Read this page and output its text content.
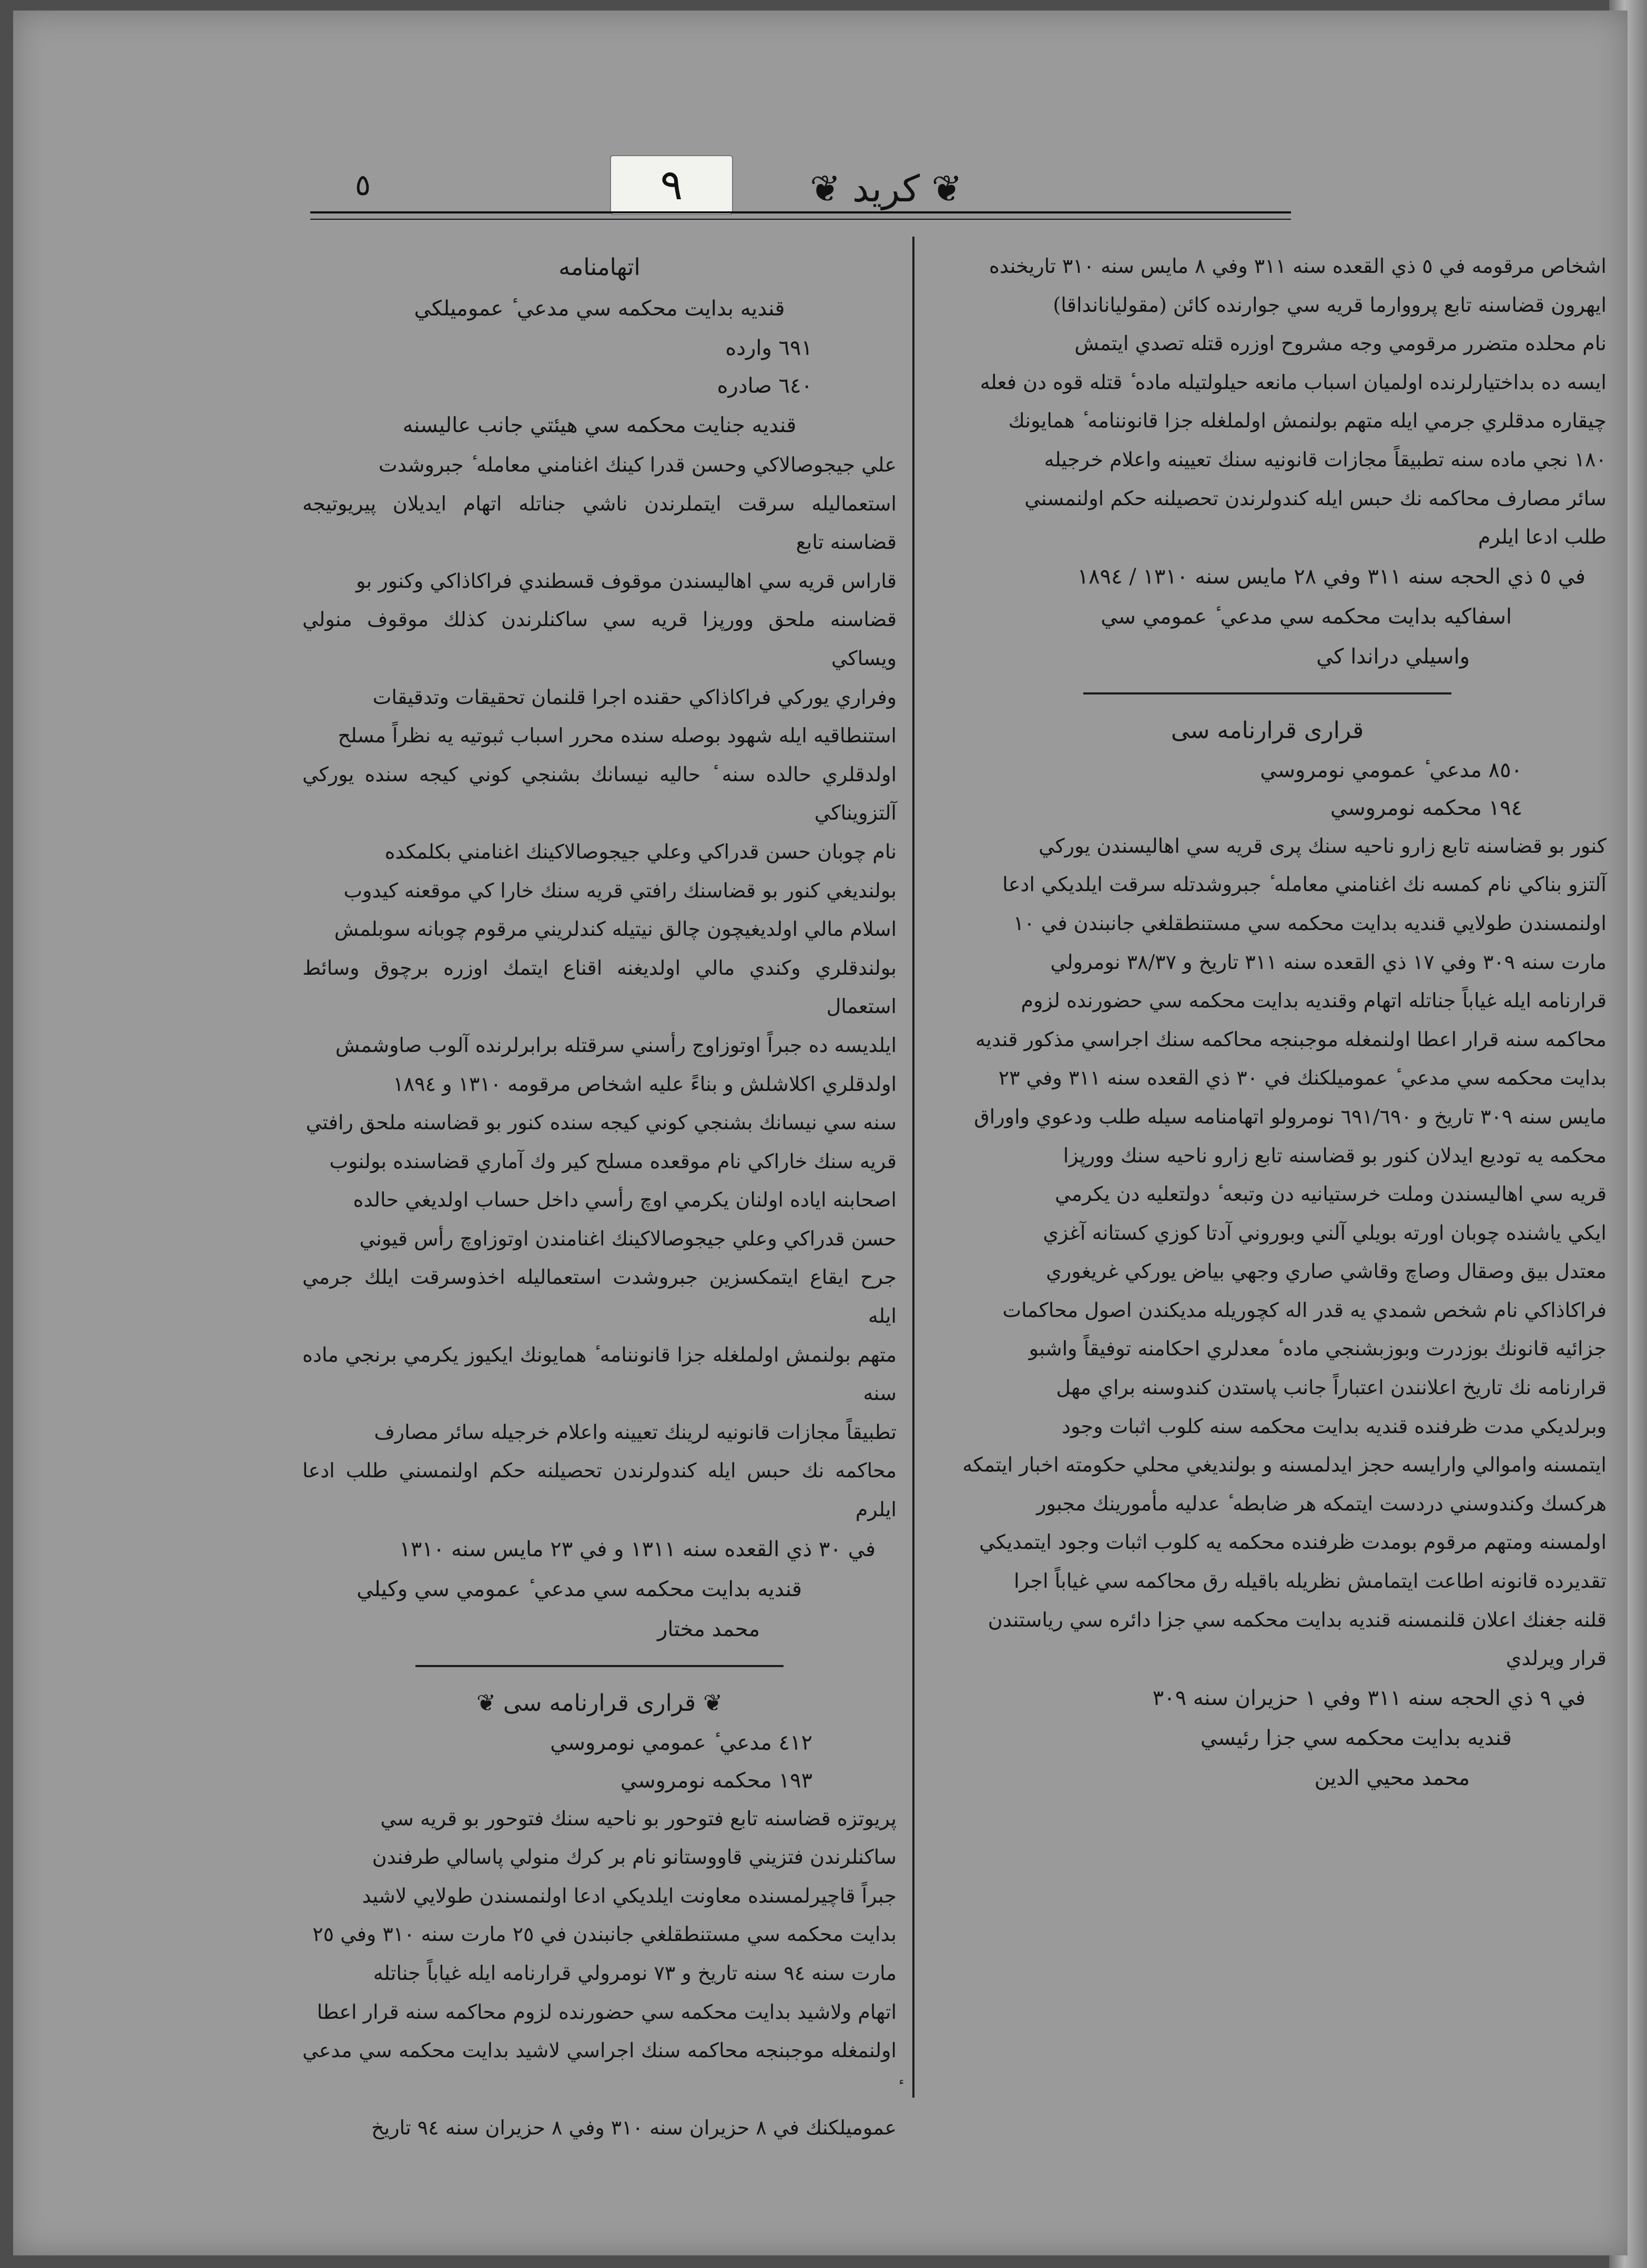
٥	٩	❦ كريد ❦

اشخاص مرقومه في ٥ ذي القعده سنه ٣١١ وفي ٨ مايس سنه ٣١٠ تاريخنده

ايهرون قضاسنه تابع پرووارما قريه سي جوارنده كائن (مقوليانانداقا)

نام محلده متضرر مرقومي وجه مشروح اوزره قتله تصدي ايتمش

ايسه ده بداختيارلرنده اولميان اسباب مانعه حيلولتيله ماده ٔ قتله قوه دن فعله

چيقاره مدقلري جرمي ايله متهم بولنمش اولملغله جزا قانوننامه ٔ همايونك

١٨٠ نجي ماده سنه تطبيقاً مجازات قانونيه سنك تعيينه واعلام خرجيله

سائر مصارف محاكمه نك حبس ايله كندولرندن تحصيلنه حكم اولنمسني

طلب ادعا ايلرم

في ٥ ذي الحجه سنه ٣١١ وفي ٢٨ مايس سنه ١٣١٠ / ١٨٩٤

اسفاكيه بدايت محكمه سي مدعي ٔ عمومي سي

واسيلي دراندا كي

قرارى قرارنامه سى

٨٥٠ مدعي ٔ عمومي نومروسي

١٩٤ محكمه نومروسي

كنور بو قضاسنه تابع زارو ناحيه سنك پرى قريه سي اهاليسندن يوركي

آلتزو بناكي نام كمسه نك اغنامني معامله ٔ جبروشدتله سرقت ايلديكي ادعا

اولنمسندن طولايي قنديه بدايت محكمه سي مستنطقلغي جانبندن في ١٠

مارت سنه ٣٠٩ وفي ١٧ ذي القعده سنه ٣١١ تاريخ و ٣٨/٣٧ نومرولي

قرارنامه ايله غياباً جناتله اتهام وقنديه بدايت محكمه سي حضورنده لزوم

محاكمه سنه قرار اعطا اولنمغله موجبنجه محاكمه سنك اجراسي مذكور قنديه

بدايت محكمه سي مدعي ٔ عموميلكنك في ٣٠ ذي القعده سنه ٣١١ وفي ٢٣

مايس سنه ٣٠٩ تاريخ و ٦٩١/٦٩٠ نومرولو اتهامنامه سيله طلب ودعوي واوراق

محكمه يه توديع ايدلان كنور بو قضاسنه تابع زارو ناحيه سنك وورپزا

قريه سي اهاليسندن وملت خرستيانيه دن وتبعه ٔ دولتعليه دن يكرمي

ايكي ياشنده چوبان اورته بويلي آلني وبوروني آدتا كوزي كستانه آغزي

معتدل بيق وصقال وصاچ وقاشي صاري وجهي بياض يوركي غريغوري

فراكاذاكي نام شخص شمدي يه قدر اله كچوريله مديكندن اصول محاكمات

جزائيه قانونك بوزدرت وبوزبشنجي ماده ٔ معدلري احكامنه توفيقاً واشبو

قرارنامه نك تاريخ اعلانندن اعتباراً جانب پاستدن كندوسنه براي مهل

وبرلديكي مدت ظرفنده قنديه بدايت محكمه سنه كلوب اثبات وجود

ايتمسنه واموالي وارايسه حجز ايدلمسنه و بولنديغي محلي حكومته اخبار ايتمكه

هركسك وكندوسني دردست ايتمكه هر ضابطه ٔ عدليه مأمورينك مجبور

اولمسنه ومتهم مرقوم بومدت ظرفنده محكمه يه كلوب اثبات وجود ايتمديكي

تقديرده قانونه اطاعت ايتمامش نظريله باقيله رق محاكمه سي غياباً اجرا

قلنه جغنك اعلان قلنمسنه قنديه بدايت محكمه سي جزا دائره سي رياستندن

قرار ويرلدي

في ٩ ذي الحجه سنه ٣١١ وفي ١ حزيران سنه ٣٠٩

قنديه بدايت محكمه سي جزا رئيسي

محمد محيي الدين

اتهامنامه

قنديه بدايت محكمه سي مدعي ٔ عموميلكي

٦٩١ وارده

٦٤٠ صادره

قنديه جنايت محكمه سي هيئتي جانب عاليسنه

علي جيجوصالاكي وحسن قدرا كينك اغنامني معامله ٔ جبروشدت

استعماليله سرقت ايتملرندن ناشي جناتله اتهام ايدیلان پيريوتيجه قضاسنه تابع

قاراس قريه سي اهاليسندن موقوف قسطندي فراكاذاكي وكنور بو

قضاسنه ملحق وورپزا قريه سي ساكنلرندن كذلك موقوف منولي ويساكي

وفراري يوركي فراكاذاكي حقنده اجرا قلنمان تحقيقات وتدقيقات

استنطاقيه ايله شهود بوصله سنده محرر اسباب ثبوتيه يه نظراً مسلح

اولدقلري حالده سنه ٔ حاليه نيسانك بشنجي كوني كيجه سنده يوركي آلتزويناكي

نام چوبان حسن قدراكي وعلي جيجوصالاكينك اغنامني بكلمكده

بولنديغي كنور بو قضاسنك رافتي قريه سنك خارا كي موقعنه كيدوب

اسلام مالي اولديغيچون چالق نيتيله كندلريني مرقوم چوبانه سوبلمش

بولندقلري وكندي مالي اولديغنه اقناع ايتمك اوزره برچوق وسائط استعمال

ايلديسه ده جبراً اوتوزاوج رأسني سرقتله برابرلرنده آلوب صاوشمش

اولدقلري اكلاشلش و بناءً عليه اشخاص مرقومه ١٣١٠ و ١٨٩٤

سنه سي نيسانك بشنجي كوني كيجه سنده كنور بو قضاسنه ملحق رافتي

قريه سنك خاراكي نام موقعده مسلح كير وك آماري قضاسنده بولنوب

اصحابنه اياده اولنان يكرمي اوچ رأسي داخل حساب اولديغي حالده

حسن قدراكي وعلي جيجوصالاكينك اغنامندن اوتوزاوچ رأس قيوني

جرح ايقاع ايتمكسزين جبروشدت استعماليله اخذوسرقت ايلك جرمي ايله

متهم بولنمش اولملغله جزا قانوننامه ٔ همايونك ايكيوز يكرمي برنجي ماده سنه

تطبيقاً مجازات قانونيه لرينك تعيينه واعلام خرجيله سائر مصارف

محاكمه نك حبس ايله كندولرندن تحصيلنه حكم اولنمسني طلب ادعا ايلرم

في ٣٠ ذي القعده سنه ١٣١١ و في ٢٣ مايس سنه ١٣١٠

قنديه بدايت محكمه سي مدعي ٔ عمومي سي وكيلي

محمد مختار

❦ قرارى قرارنامه سى ❦

٤١٢ مدعي ٔ عمومي نومروسي

١٩٣ محكمه نومروسي

پريوتزه قضاسنه تابع فتوحور بو ناحيه سنك فتوحور بو قريه سي

ساكنلرندن فتزيني قاووستانو نام بر كرك منولي پاسالي طرفندن

جبراً قاچيرلمسنده معاونت ايلديكي ادعا اولنمسندن طولايي لاشيد

بدايت محكمه سي مستنطقلغي جانبندن في ٢٥ مارت سنه ٣١٠ وفي ٢٥

مارت سنه ٩٤ سنه تاريخ و ٧٣ نومرولي قرارنامه ايله غياباً جناتله

اتهام ولاشيد بدايت محكمه سي حضورنده لزوم محاكمه سنه قرار اعطا

اولنمغله موجبنجه محاكمه سنك اجراسي لاشيد بدايت محكمه سي مدعي

عموميلكنك في ٨ حزيران سنه ٣١٠ وفي ٨ حزيران سنه ٩٤ تاريخ
